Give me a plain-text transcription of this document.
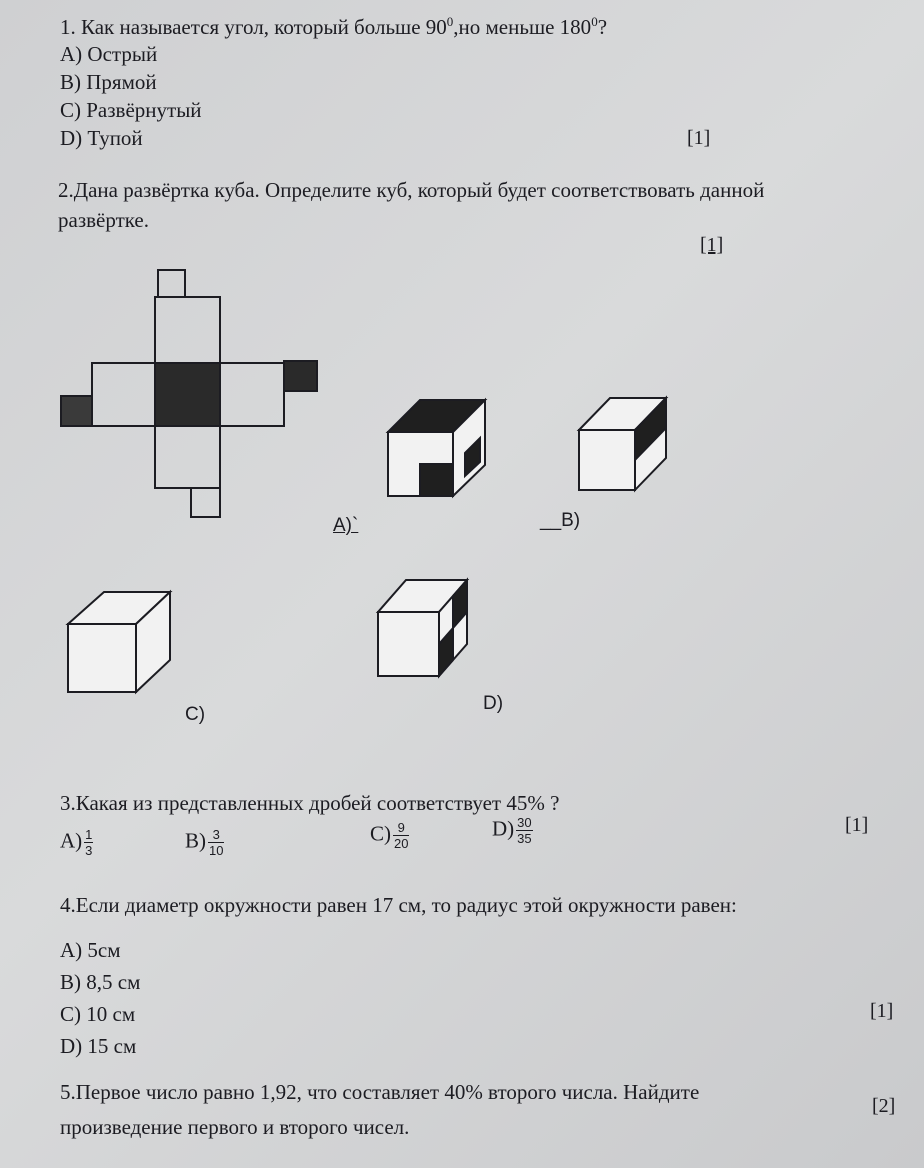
1. Как называется угол, который больше $90^0,но$ меньше $180^0$?
А) Острый
В) Прямой
С) Развёрнутый
D) Тупой	[1]
2.Дана развёртка куба. Определите куб, который будет соответствовать данной
развёртке.
[1]
A)`	__B)
C)
D)
3.Какая из представленных дробей соответствует 45% ?
$A) \frac{1}{3}$	$B) \frac{3}{10}$	$C) \frac{9}{20}$	$D) \frac{30}{35}$	[1]
4.Если диаметр окружности равен 17 см, то радиус этой окружности равен:
А) 5см
В) 8,5 см
С) 10 см
D) 15 см
[1]
5.Первое число равно 1,92, что составляет 40% второго числа. Найдите
произведение первого и второго чисел.
[2]
